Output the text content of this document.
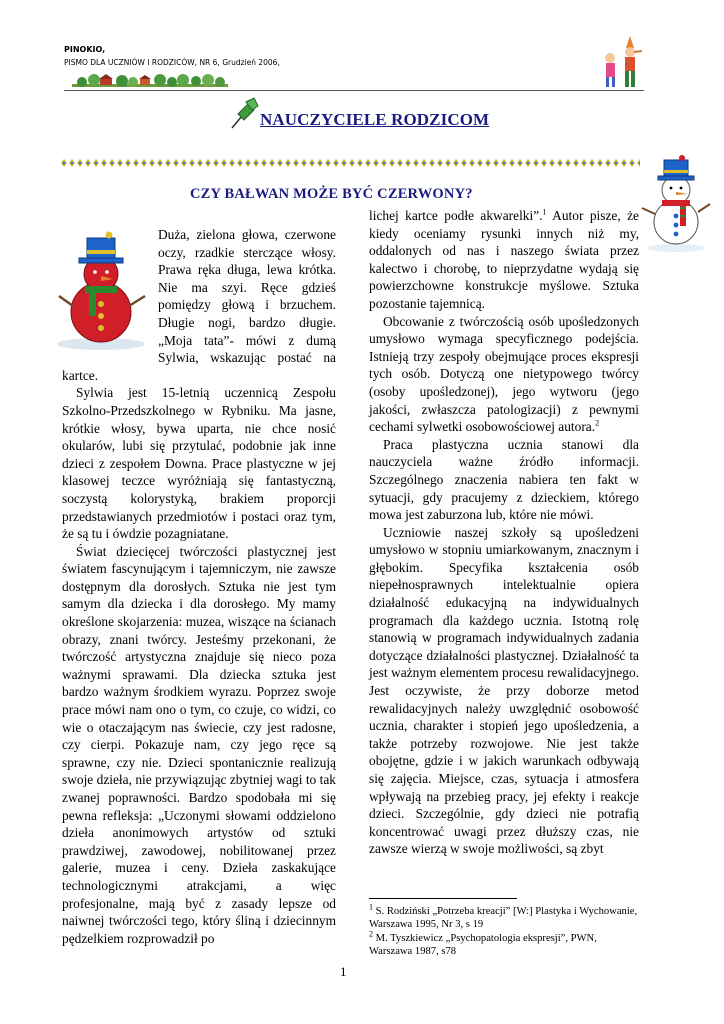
PINOKIO,
PISMO DLA UCZNIÓW I RODZICÓW, NR 6, Grudzień 2006,
NAUCZYCIELE RODZICOM
CZY BAŁWAN MOŻE BYĆ CZERWONY?

Duża, zielona głowa, czerwone oczy, rzadkie sterczące włosy. Prawa ręka długa, lewa krótka. Nie ma szyi. Ręce gdzieś pomiędzy głową i brzuchem. Długie nogi, bardzo długie. „Moja tata”- mówi z dumą Sylwia, wskazując postać na kartce.

Sylwia jest 15-letnią uczennicą Zespołu Szkolno-Przedszkolnego w Rybniku. Ma jasne, krótkie włosy, bywa uparta, nie chce nosić okularów, lubi się przytulać, podobnie jak inne dzieci z zespołem Downa. Prace plastyczne w jej klasowej teczce wyróżniają się fantastyczną, soczystą kolorystyką, brakiem proporcji przedstawianych przedmiotów i postaci oraz tym, że są tu i ówdzie pozagniatane.

Świat dziecięcej twórczości plastycznej jest światem fascynującym i tajemniczym, nie zawsze dostępnym dla dorosłych. Sztuka nie jest tym samym dla dziecka i dla dorosłego. My mamy określone skojarzenia: muzea, wiszące na ścianach obrazy, znani twórcy. Jesteśmy przekonani, że twórczość artystyczna znajduje się nieco poza ważnymi sprawami. Dla dziecka sztuka jest bardzo ważnym środkiem wyrazu. Poprzez swoje prace mówi nam ono o tym, co czuje, co widzi, co wie o otaczającym nas świecie, czy jest radosne, czy cierpi. Pokazuje nam, czy jego ręce są sprawne, czy nie. Dzieci spontanicznie realizują swoje dzieła, nie przywiązując zbytniej wagi to tak zwanej poprawności. Bardzo spodobała mi się pewna refleksja: „Uczonymi słowami oddzielono dzieła anonimowych artystów od sztuki prawdziwej, zawodowej, nobilitowanej przez galerie, muzea i ceny. Dzieła zaskakujące technologicznymi atrakcjami, a więc profesjonalne, mają być z zasady lepsze od naiwnej twórczości tego, który śliną i dziecinnym pędzelkiem rozprowadził po

lichej kartce podłe akwarelki”.$^1$ Autor pisze, że kiedy oceniamy rysunki innych niż my, oddalonych od nas i naszego świata przez kalectwo i chorobę, to nieprzydatne wydają się powierzchowne konstrukcje myślowe. Sztuka pozostanie tajemnicą.

Obcowanie z twórczością osób upośledzonych umysłowo wymaga specyficznego podejścia. Istnieją trzy zespoły obejmujące proces ekspresji tych osób. Dotyczą one nietypowego twórcy (osoby upośledzonej), jego wytworu (jego jakości, zwłaszcza patologizacji) z pewnymi cechami sylwetki osobowościowej autora.$^2$

Praca plastyczna ucznia stanowi dla nauczyciela ważne źródło informacji. Szczególnego znaczenia nabiera ten fakt w sytuacji, gdy pracujemy z dzieckiem, którego mowa jest zaburzona lub, które nie mówi.

Uczniowie naszej szkoły są upośledzeni umysłowo w stopniu umiarkowanym, znacznym i głębokim. Specyfika kształcenia osób niepełnosprawnych intelektualnie opiera działalność edukacyjną na indywidualnych programach dla każdego ucznia. Istotną rolę stanowią w programach indywidualnych zadania dotyczące działalności plastycznej. Działalność ta jest ważnym elementem procesu rewalidacyjnego. Jest oczywiste, że przy doborze metod rewalidacyjnych należy uwzględnić osobowość ucznia, charakter i stopień jego upośledzenia, a także potrzeby rozwojowe. Nie jest także obojętne, gdzie i w jakich warunkach odbywają się zajęcia. Miejsce, czas, sytuacja i atmosfera wpływają na przebieg pracy, jej efekty i reakcje dzieci. Szczególnie, gdy dzieci nie potrafią koncentrować uwagi przez dłuższy czas, nie zawsze wierzą w swoje możliwości, są zbyt

$^1$ S. Rodziński „Potrzeba kreacji” [W:] Plastyka i Wychowanie, Warszawa 1995, Nr 3, s 19
$^2$ M. Tyszkiewicz „Psychopatologia ekspresji”, PWN, Warszawa 1987, s78
1
